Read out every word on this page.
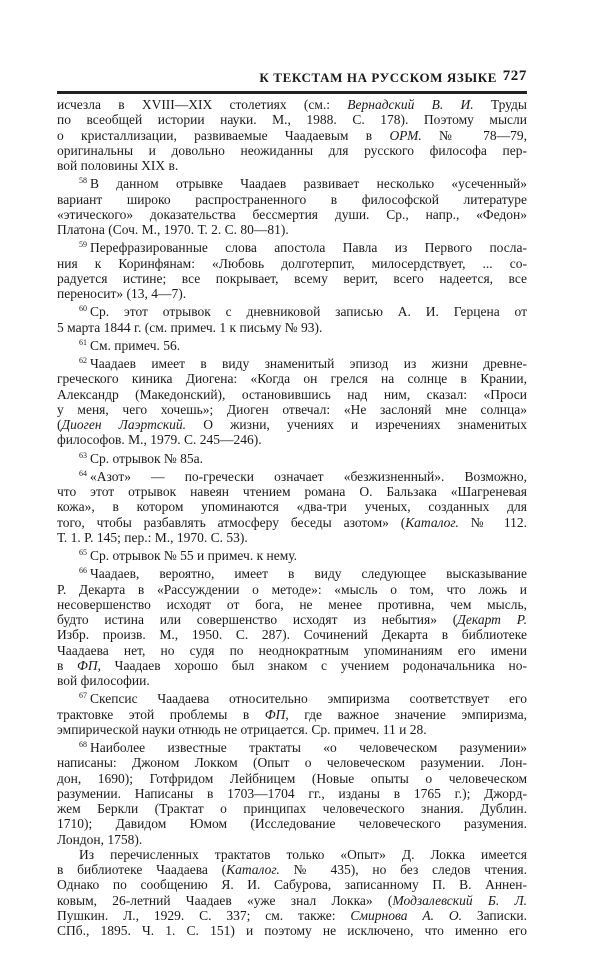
К ТЕКСТАМ НА РУССКОМ ЯЗЫКЕ 727
исчезла в XVIII—XIX столетиях (см.: Вернадский В. И. Труды
по всеобщей истории науки. М., 1988. С. 178). Поэтому мысли
о кристаллизации, развиваемые Чаадаевым в ОРМ. № 78—79,
оригинальны и довольно неожиданны для русского философа пер-
вой половины XIX в.
$^{58}$ В данном отрывке Чаадаев развивает несколько «усеченный»
вариант широко распространенного в философской литературе
«этического» доказательства бессмертия души. Ср., напр., «Федон»
Платона (Соч. М., 1970. Т. 2. С. 80—81).
$^{59}$ Перефразированные слова апостола Павла из Первого посла-
ния к Коринфянам: «Любовь долготерпит, милосердствует, ... со-
радуется истине; все покрывает, всему верит, всего надеется, все
переносит» (13, 4—7).
$^{60}$ Ср. этот отрывок с дневниковой записью А. И. Герцена от
5 марта 1844 г. (см. примеч. 1 к письму № 93).
$^{61}$ См. примеч. 56.
$^{62}$ Чаадаев имеет в виду знаменитый эпизод из жизни древне-
греческого киника Диогена: «Когда он грелся на солнце в Крании,
Александр (Македонский), остановившись над ним, сказал: «Проси
у меня, чего хочешь»; Диоген отвечал: «Не заслоняй мне солнца»
(Диоген Лаэртский. О жизни, учениях и изречениях знаменитых
философов. М., 1979. С. 245—246).
$^{63}$ Ср. отрывок № 85а.
$^{64}$ «Азот» — по-гречески означает «безжизненный». Возможно,
что этот отрывок навеян чтением романа О. Бальзака «Шагреневая
кожа», в котором упоминаются «два-три ученых, созданных для
того, чтобы разбавлять атмосферу беседы азотом» (Каталог. № 112.
Т. 1. P. 145; пер.: М., 1970. С. 53).
$^{65}$ Ср. отрывок № 55 и примеч. к нему.
$^{66}$ Чаадаев, вероятно, имеет в виду следующее высказывание
Р. Декарта в «Рассуждении о методе»: «мысль о том, что ложь и
несовершенство исходят от бога, не менее противна, чем мысль,
будто истина или совершенство исходят из небытия» (Декарт Р.
Избр. произв. М., 1950. С. 287). Сочинений Декарта в библиотеке
Чаадаева нет, но судя по неоднократным упоминаниям его имени
в ФП, Чаадаев хорошо был знаком с учением родоначальника но-
вой философии.
$^{67}$ Скепсис Чаадаева относительно эмпиризма соответствует его
трактовке этой проблемы в ФП, где важное значение эмпиризма,
эмпирической науки отнюдь не отрицается. Ср. примеч. 11 и 28.
$^{68}$ Наиболее известные трактаты «о человеческом разумении»
написаны: Джоном Локком (Опыт о человеческом разумении. Лон-
дон, 1690); Готфридом Лейбницем (Новые опыты о человеческом
разумении. Написаны в 1703—1704 гг., изданы в 1765 г.); Джорд-
жем Беркли (Трактат о принципах человеческого знания. Дублин.
1710); Давидом Юмом (Исследование человеческого разумения.
Лондон, 1758).
Из перечисленных трактатов только «Опыт» Д. Локка имеется
в библиотеке Чаадаева (Каталог. № 435), но без следов чтения.
Однако по сообщению Я. И. Сабурова, записанному П. В. Аннен-
ковым, 26-летний Чаадаев «уже знал Локка» (Модзалевский Б. Л.
Пушкин. Л., 1929. С. 337; см. также: Смирнова А. О. Записки.
СПб., 1895. Ч. 1. С. 151) и поэтому не исключено, что именно его
